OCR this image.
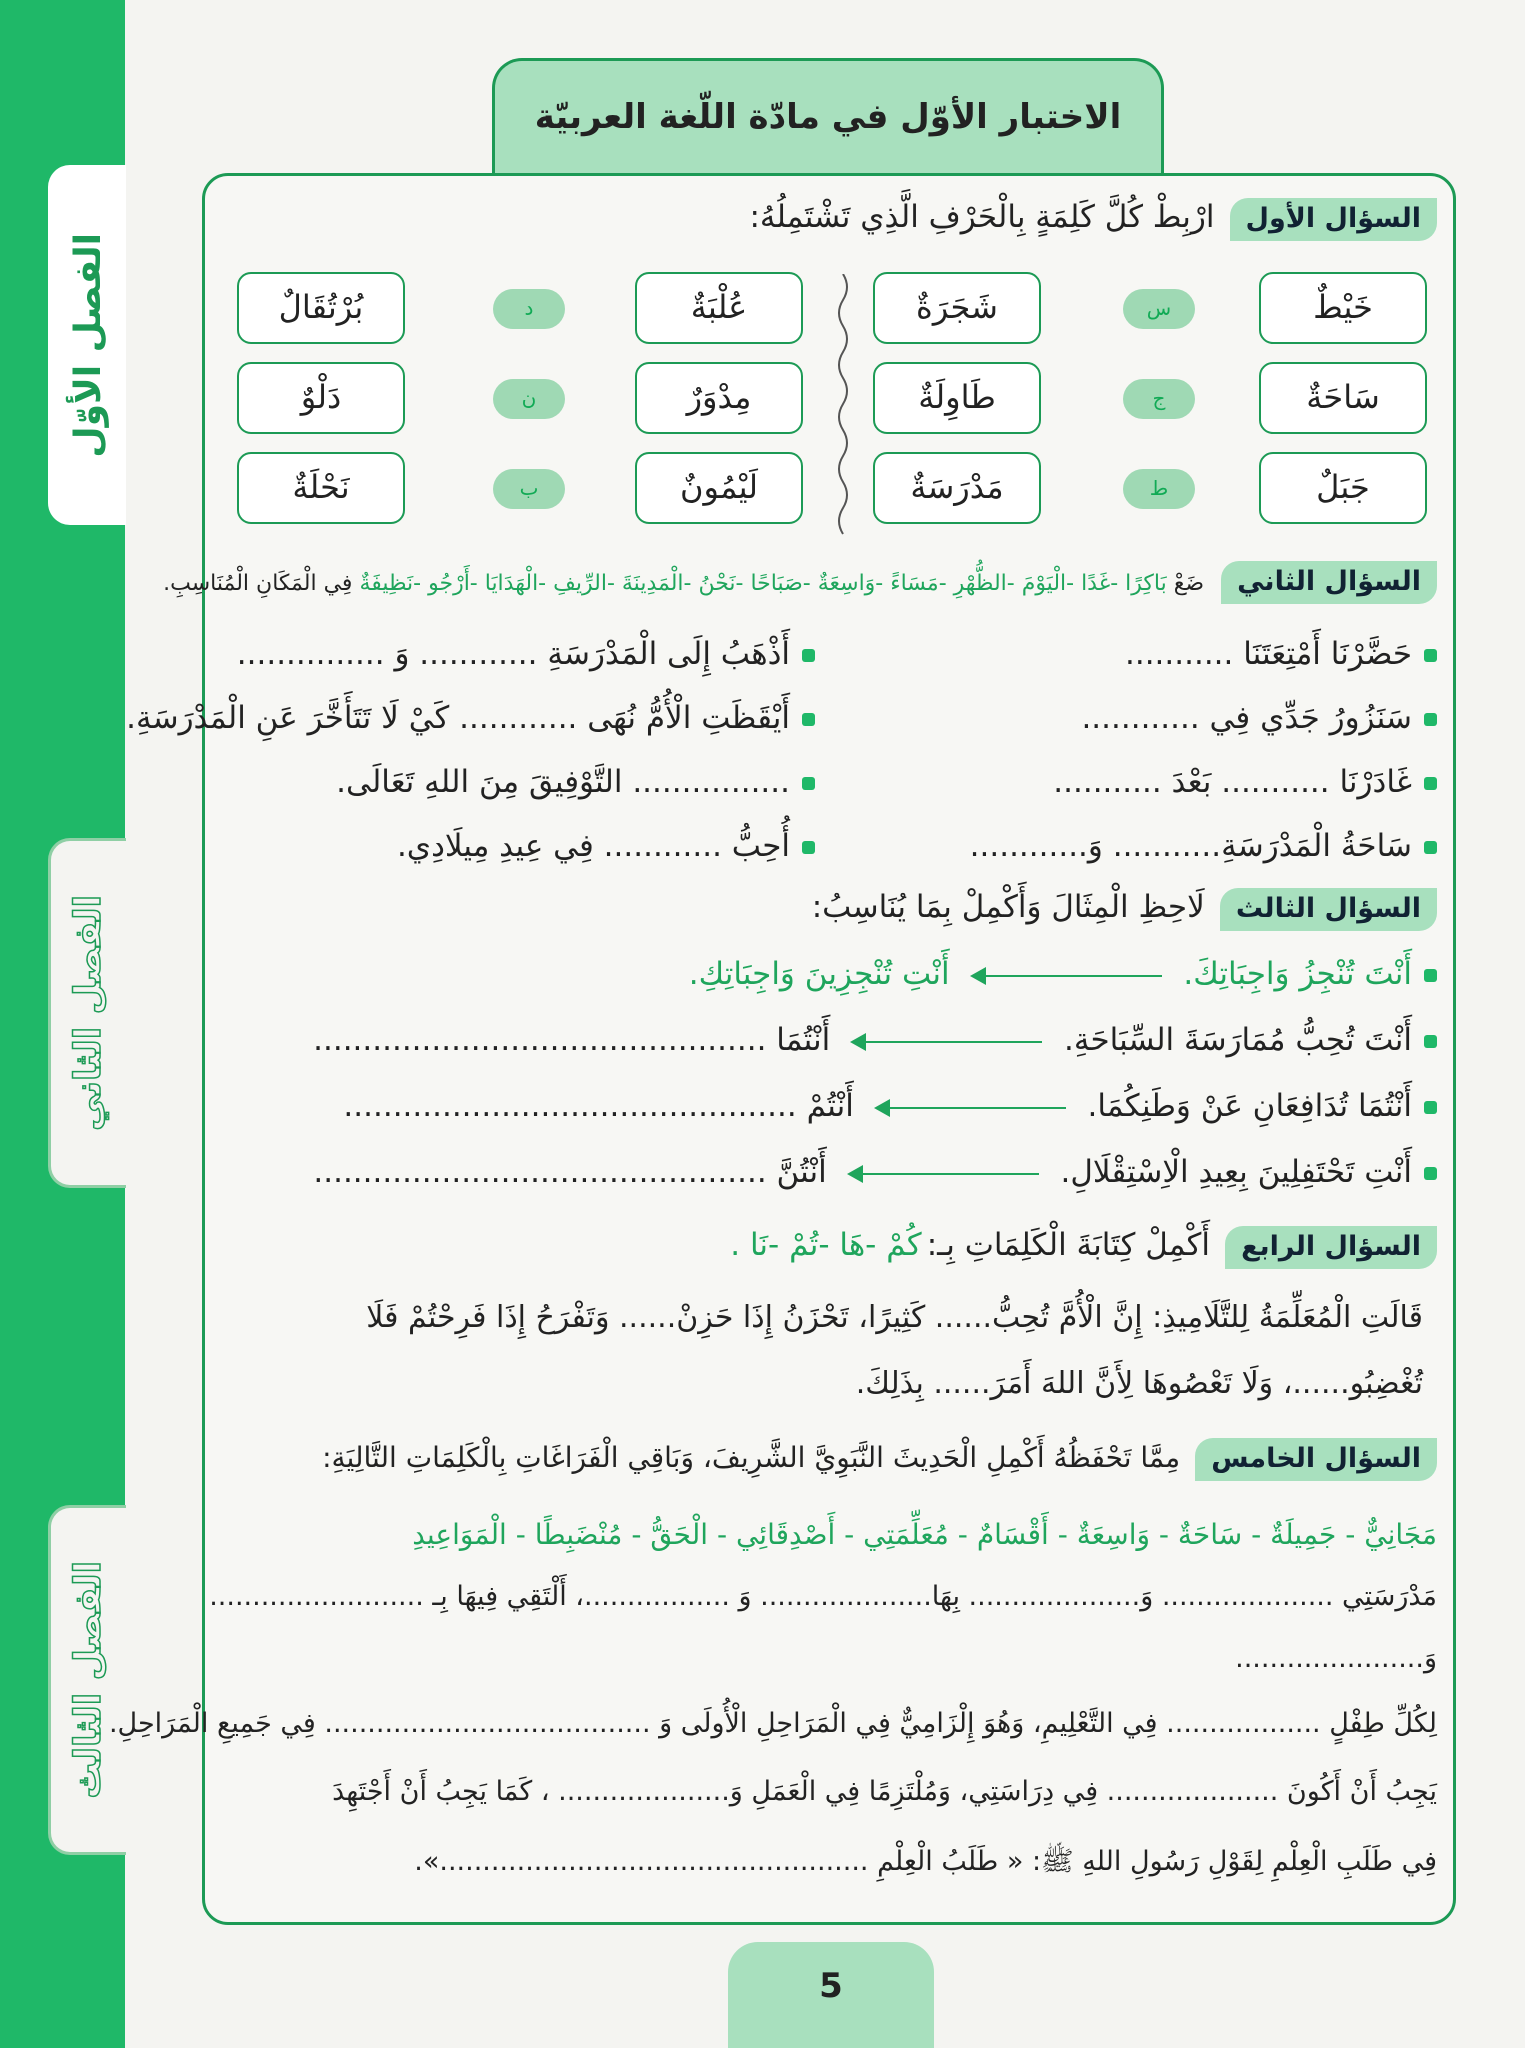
الفصل الأوّل
الفصل الثاني
الفصل الثالث
الاختبار الأوّل في مادّة اللّغة العربيّة
السؤال الأول ارْبِطْ كُلَّ كَلِمَةٍ بِالْحَرْفِ الَّذِي تَشْتَمِلُهُ:
خَيْطٌ
سَاحَةٌ
جَبَلٌ
س
ج
ط
شَجَرَةٌ
طَاوِلَةٌ
مَدْرَسَةٌ
عُلْبَةٌ
مِدْوَرٌ
لَيْمُونٌ
د
ن
ب
بُرْتُقَالٌ
دَلْوٌ
نَحْلَةٌ
السؤال الثاني ضَعْ بَاكِرًا -غَدًا -الْيَوْمَ -الظُّهْرِ -مَسَاءً -وَاسِعَةٌ -صَبَاحًا -نَحْنُ -الْمَدِينَةَ -الرِّيفِ -الْهَدَايَا -أَرْجُو -نَظِيفَةٌ فِي الْمَكَانِ الْمُنَاسِبِ.
حَضَّرْنَا أَمْتِعَتَنَا ...........
سَنَزُورُ جَدِّي فِي ............
غَادَرْنَا ........... بَعْدَ ...........
سَاحَةُ الْمَدْرَسَةِ........... وَ............
أَذْهَبُ إِلَى الْمَدْرَسَةِ ............ وَ ...............
أَيْقَظَتِ الْأُمُّ نُهَى ............ كَيْ لَا تَتَأَخَّرَ عَنِ الْمَدْرَسَةِ.
................ التَّوْفِيقَ مِنَ اللهِ تَعَالَى.
أُحِبُّ ............ فِي عِيدِ مِيلَادِي.
السؤال الثالث لَاحِظِ الْمِثَالَ وَأَكْمِلْ بِمَا يُنَاسِبُ:
أَنْتَ تُنْجِزُ وَاجِبَاتِكَ.  أَنْتِ تُنْجِزِينَ وَاجِبَاتِكِ.
أَنْتَ تُحِبُّ مُمَارَسَةَ السِّبَاحَةِ.  أَنْتُمَا ..............................................
أَنْتُمَا تُدَافِعَانِ عَنْ وَطَنِكُمَا.  أَنْتُمْ ..............................................
أَنْتِ تَحْتَفِلِينَ بِعِيدِ الْاِسْتِقْلَالِ.  أَنْتُنَّ ..............................................
السؤال الرابع أَكْمِلْ كِتَابَةَ الْكَلِمَاتِ بِـ: كُمْ -هَا -تُمْ -نَا .
قَالَتِ الْمُعَلِّمَةُ لِلتَّلَامِيذِ: إِنَّ الْأُمَّ تُحِبُّ...... كَثِيرًا، تَحْزَنُ إِذَا حَزِنْ...... وَتَفْرَحُ إِذَا فَرِحْتُمْ فَلَا
تُغْضِبُو......، وَلَا تَعْصُوهَا لِأَنَّ اللهَ أَمَرَ...... بِذَلِكَ.
السؤال الخامس مِمَّا تَحْفَظُهُ أَكْمِلِ الْحَدِيثَ النَّبَوِيَّ الشَّرِيفَ، وَبَاقِي الْفَرَاغَاتِ بِالْكَلِمَاتِ التَّالِيَةِ:
مَجَانِيٌّ - جَمِيلَةٌ - سَاحَةٌ - وَاسِعَةٌ - أَقْسَامٌ - مُعَلِّمَتِي - أَصْدِقَائِي - الْحَقُّ - مُنْضَبِطًا - الْمَوَاعِيدِ
مَدْرَسَتِي .................... وَ.................... بِهَا.................... وَ .................، أَلْتَقِي فِيهَا بِـ .........................
وَ......................
لِكُلِّ طِفْلٍ .................. فِي التَّعْلِيمِ، وَهُوَ إِلْزَامِيٌّ فِي الْمَرَاحِلِ الْأُولَى وَ ...................................... فِي جَمِيعِ الْمَرَاحِلِ.
يَجِبُ أَنْ أَكُونَ .................... فِي دِرَاسَتِي، وَمُلْتَزِمًا فِي الْعَمَلِ وَ.................... ، كَمَا يَجِبُ أَنْ أَجْتَهِدَ
فِي طَلَبِ الْعِلْمِ لِقَوْلِ رَسُولِ اللهِ ﷺ: « طَلَبُ الْعِلْمِ ..................................................».
5
